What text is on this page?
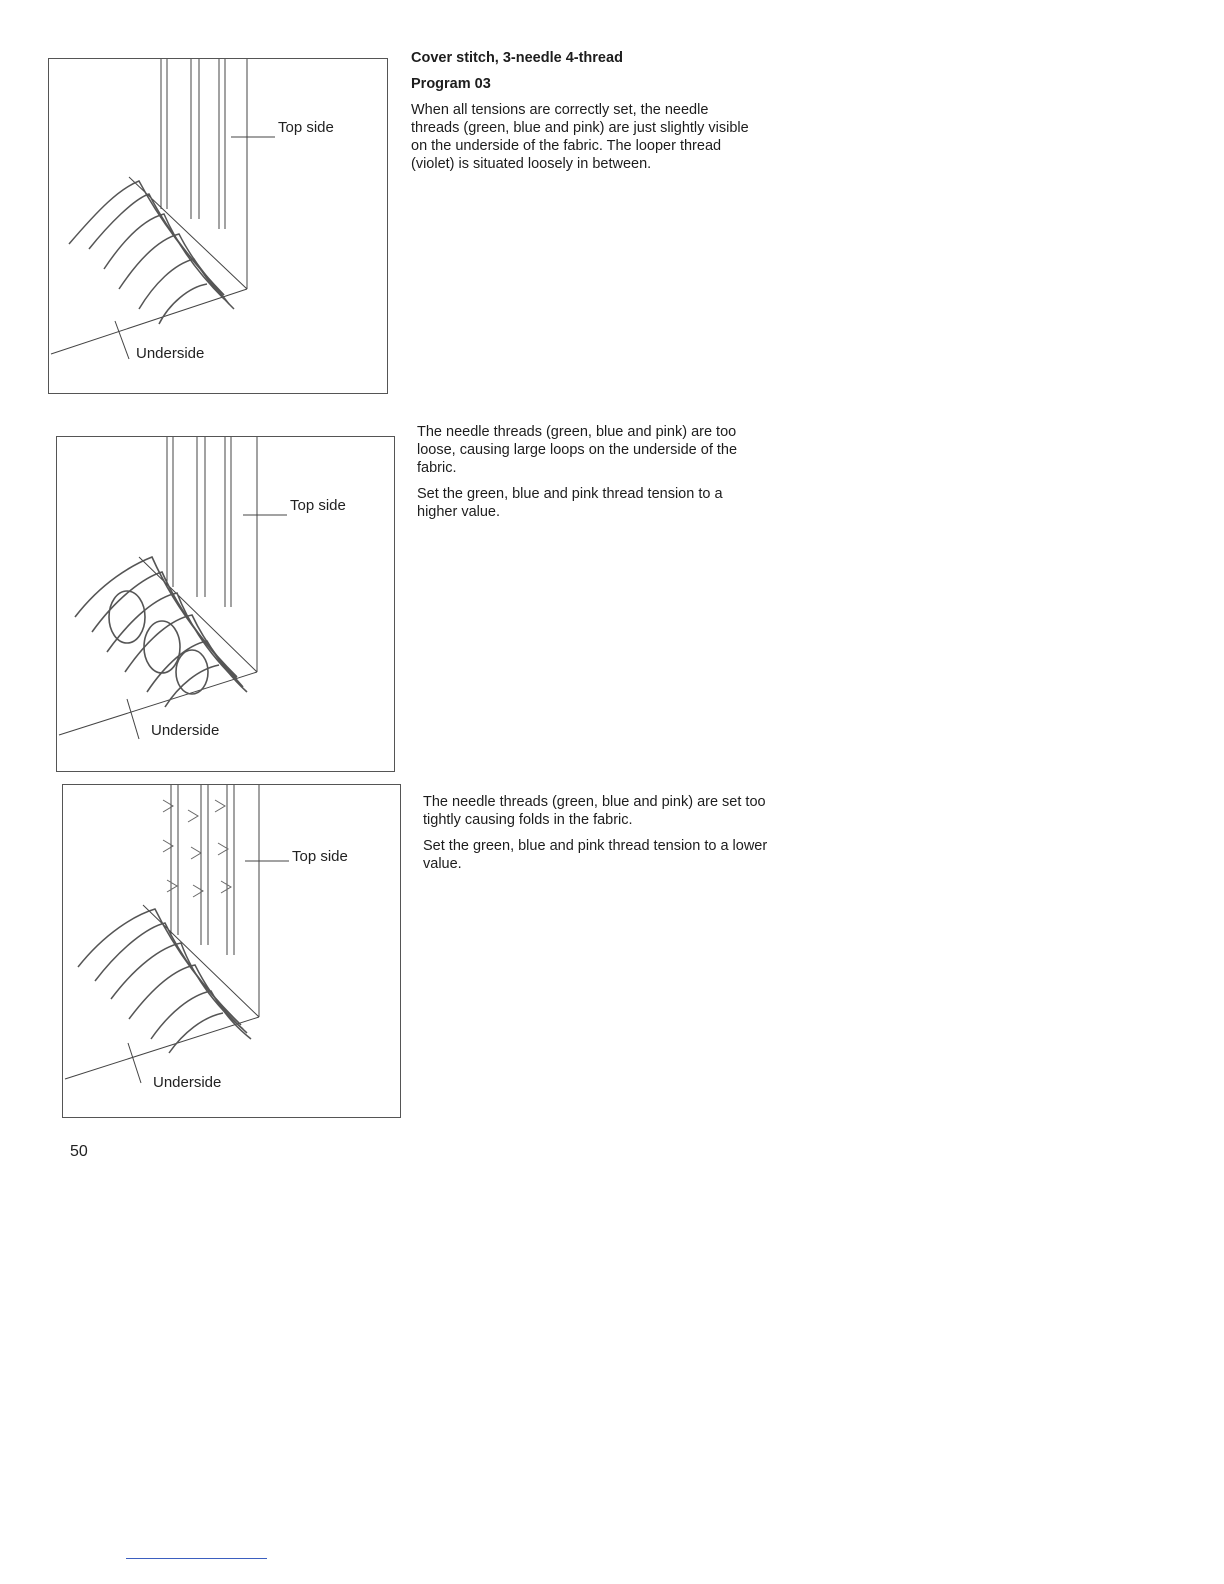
Top side
Underside
Top side
Underside
Top side
Underside
Cover stitch, 3-needle 4-thread
Program 03

When all tensions are correctly set, the needle threads (green, blue and pink) are just slightly visible on the underside of the fabric. The looper thread (violet) is situated loosely in between.

The needle threads (green, blue and pink) are too loose, causing large loops on the underside of the fabric.

Set the green, blue and pink thread tension to a higher value.

The needle threads (green, blue and pink) are set too tightly causing folds in the fabric.

Set the green, blue and pink thread tension to a lower value.

50
